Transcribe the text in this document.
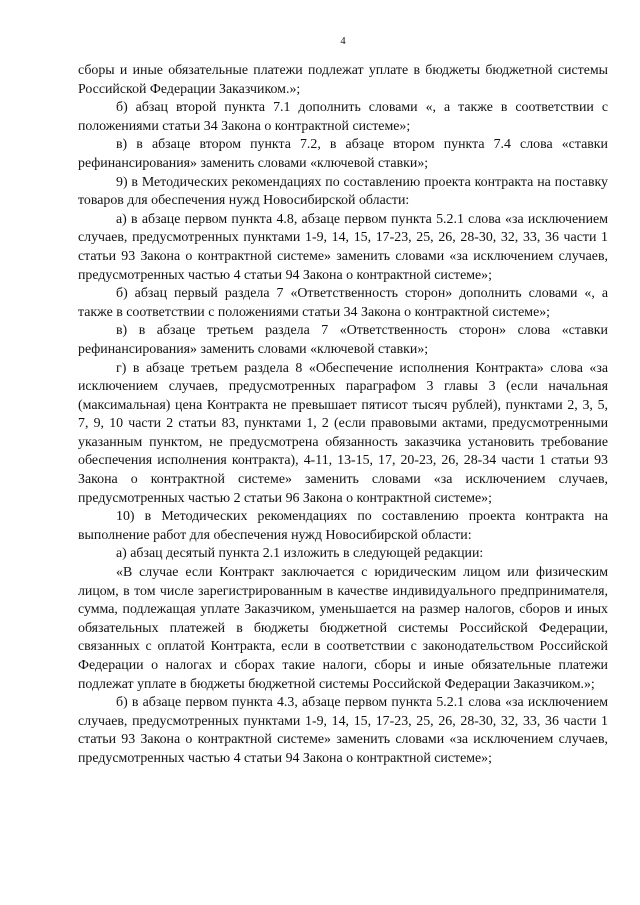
4

сборы и иные обязательные платежи подлежат уплате в бюджеты бюджетной системы Российской Федерации Заказчиком.»;

б) абзац второй пункта 7.1 дополнить словами «, а также в соответствии с положениями статьи 34 Закона о контрактной системе»;

в) в абзаце втором пункта 7.2, в абзаце втором пункта 7.4 слова «ставки рефинансирования» заменить словами «ключевой ставки»;

9) в Методических рекомендациях по составлению проекта контракта на поставку товаров для обеспечения нужд Новосибирской области:

а) в абзаце первом пункта 4.8, абзаце первом пункта 5.2.1 слова «за исключением случаев, предусмотренных пунктами 1-9, 14, 15, 17-23, 25, 26, 28-30, 32, 33, 36 части 1 статьи 93 Закона о контрактной системе» заменить словами «за исключением случаев, предусмотренных частью 4 статьи 94 Закона о контрактной системе»;

б) абзац первый раздела 7 «Ответственность сторон» дополнить словами «, а также в соответствии с положениями статьи 34 Закона о контрактной системе»;

в) в абзаце третьем раздела 7 «Ответственность сторон» слова «ставки рефинансирования» заменить словами «ключевой ставки»;

г) в абзаце третьем раздела 8 «Обеспечение исполнения Контракта» слова «за исключением случаев, предусмотренных параграфом 3 главы 3 (если начальная (максимальная) цена Контракта не превышает пятисот тысяч рублей), пунктами 2, 3, 5, 7, 9, 10 части 2 статьи 83, пунктами 1, 2 (если правовыми актами, предусмотренными указанным пунктом, не предусмотрена обязанность заказчика установить требование обеспечения исполнения контракта), 4-11, 13-15, 17, 20-23, 26, 28-34 части 1 статьи 93 Закона о контрактной системе» заменить словами «за исключением случаев, предусмотренных частью 2 статьи 96 Закона о контрактной системе»;

10) в Методических рекомендациях по составлению проекта контракта на выполнение работ для обеспечения нужд Новосибирской области:

а) абзац десятый пункта 2.1 изложить в следующей редакции:

«В случае если Контракт заключается с юридическим лицом или физическим лицом, в том числе зарегистрированным в качестве индивидуального предпринимателя, сумма, подлежащая уплате Заказчиком, уменьшается на размер налогов, сборов и иных обязательных платежей в бюджеты бюджетной системы Российской Федерации, связанных с оплатой Контракта, если в соответствии с законодательством Российской Федерации о налогах и сборах такие налоги, сборы и иные обязательные платежи подлежат уплате в бюджеты бюджетной системы Российской Федерации Заказчиком.»;

б) в абзаце первом пункта 4.3, абзаце первом пункта 5.2.1 слова «за исключением случаев, предусмотренных пунктами 1-9, 14, 15, 17-23, 25, 26, 28-30, 32, 33, 36 части 1 статьи 93 Закона о контрактной системе» заменить словами «за исключением случаев, предусмотренных частью 4 статьи 94 Закона о контрактной системе»;
